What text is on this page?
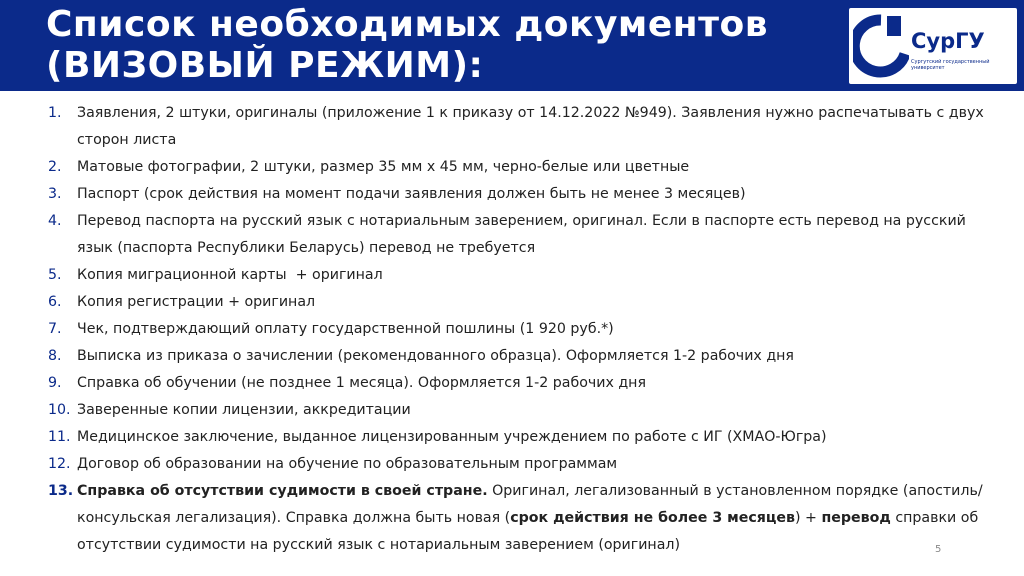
Список необходимых документов
(ВИЗОВЫЙ РЕЖИМ):
СурГУ
Сургутский государственный университет
1. Заявления, 2 штуки, оригиналы (приложение 1 к приказу от 14.12.2022 №949). Заявления нужно распечатывать с двух сторон листа
2. Матовые фотографии, 2 штуки, размер 35 мм х 45 мм, черно-белые или цветные
3. Паспорт (срок действия на момент подачи заявления должен быть не менее 3 месяцев)
4. Перевод паспорта на русский язык с нотариальным заверением, оригинал. Если в паспорте есть перевод на русский язык (паспорта Республики Беларусь) перевод не требуется
5. Копия миграционной карты  + оригинал
6. Копия регистрации + оригинал
7. Чек, подтверждающий оплату государственной пошлины (1 920 руб.*)
8. Выписка из приказа о зачислении (рекомендованного образца). Оформляется 1-2 рабочих дня
9. Справка об обучении (не позднее 1 месяца). Оформляется 1-2 рабочих дня
10. Заверенные копии лицензии, аккредитации
11. Медицинское заключение, выданное лицензированным учреждением по работе с ИГ (ХМАО-Югра)
12. Договор об образовании на обучение по образовательным программам
13. Справка об отсутствии судимости в своей стране. Оригинал, легализованный в установленном порядке (апостиль/консульская легализация). Справка должна быть новая (срок действия не более 3 месяцев) + перевод справки об отсутствии судимости на русский язык с нотариальным заверением (оригинал)	5
